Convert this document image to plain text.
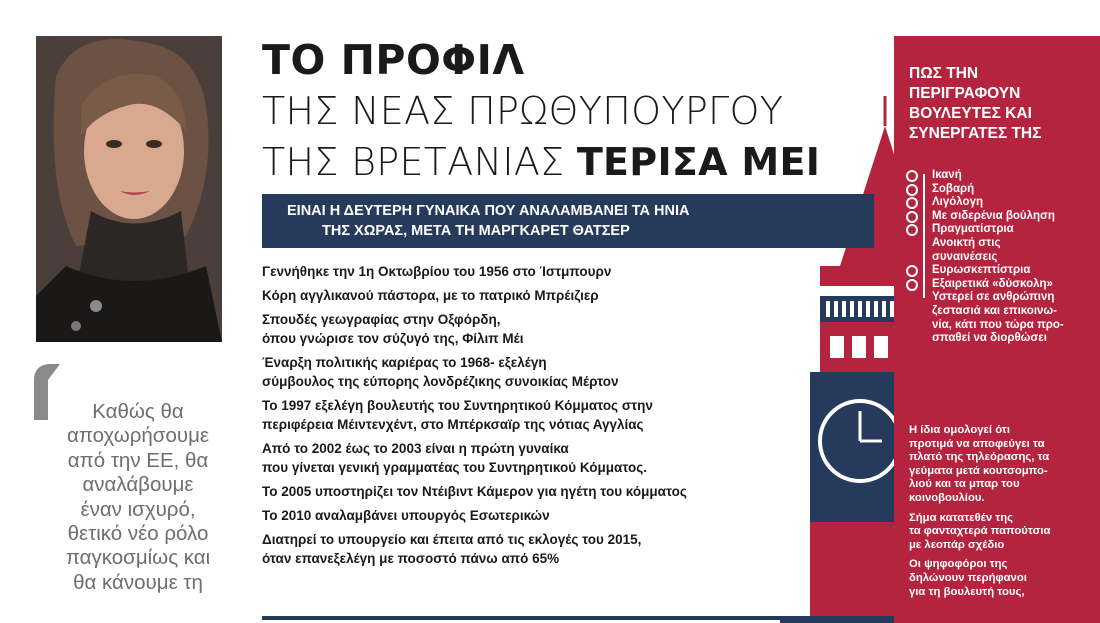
Καθώς θα
αποχωρήσουμε
από την ΕΕ, θα
αναλάβουμε
έναν ισχυρό,
θετικό νέο ρόλο
παγκοσμίως και
θα κάνουμε τη
ΤΟ ΠΡΟΦΙΛ
ΤΗΣ ΝΕΑΣ ΠΡΩΘΥΠΟΥΡΓΟΥ
ΤΗΣ ΒΡΕΤΑΝΙΑΣ ΤΕΡΙΣΑ ΜΕΙ
ΕΙΝΑΙ Η ΔΕΥΤΕΡΗ ΓΥΝΑΙΚΑ ΠΟΥ ΑΝΑΛΑΜΒΑΝΕΙ ΤΑ ΗΝΙΑ
ΤΗΣ ΧΩΡΑΣ, ΜΕΤΑ ΤΗ ΜΑΡΓΚΑΡΕΤ ΘΑΤΣΕΡ
Γεννήθηκε την 1η Οκτωβρίου του 1956 στο Ίστμπουρν
Κόρη αγγλικανού πάστορα, με το πατρικό Μπρέιζιερ
Σπουδές γεωγραφίας στην Οξφόρδη,
όπου γνώρισε τον σύζυγό της, Φίλιπ Μέι
Έναρξη πολιτικής καριέρας το 1968- εξελέγη
σύμβουλος της εύπορης λονδρέζικης συνοικίας Μέρτον
Το 1997 εξελέγη βουλευτής του Συντηρητικού Κόμματος στην
περιφέρεια Μέιντενχέντ, στο Μπέρκσαϊρ της νότιας Αγγλίας
Από το 2002 έως το 2003 είναι η πρώτη γυναίκα
που γίνεται γενική γραμματέας του Συντηρητικού Κόμματος.
Το 2005 υποστηρίζει τον Ντέιβιντ Κάμερον για ηγέτη του κόμματος
Το 2010 αναλαμβάνει υπουργός Εσωτερικών
Διατηρεί το υπουργείο και έπειτα από τις εκλογές του 2015,
όταν επανεξελέγη με ποσοστό πάνω από 65%
ΠΩΣ ΤΗΝ
ΠΕΡΙΓΡΑΦΟΥΝ
ΒΟΥΛΕΥΤΕΣ ΚΑΙ
ΣΥΝΕΡΓΑΤΕΣ ΤΗΣ
Ικανή
Σοβαρή
Λιγόλογη
Με σιδερένια βούληση
Πραγματίστρια
Ανοικτή στις
συναινέσεις
Ευρωσκεπτίστρια
Εξαιρετικά «δύσκολη»
Υστερεί σε ανθρώπινη
ζεστασιά και επικοινω-
νία, κάτι που τώρα προ-
σπαθεί να διορθώσει
Η ίδια ομολογεί ότι
προτιμά να αποφεύγει τα
πλατό της τηλεόρασης, τα
γεύματα μετά κουτσομπο-
λιού και τα μπαρ του
κοινοβουλίου.
Σήμα κατατεθέν της
τα φανταχτερά παπούτσια
με λεοπάρ σχέδιο
Οι ψηφοφόροι της
δηλώνουν περήφανοι
για τη βουλευτή τους,
